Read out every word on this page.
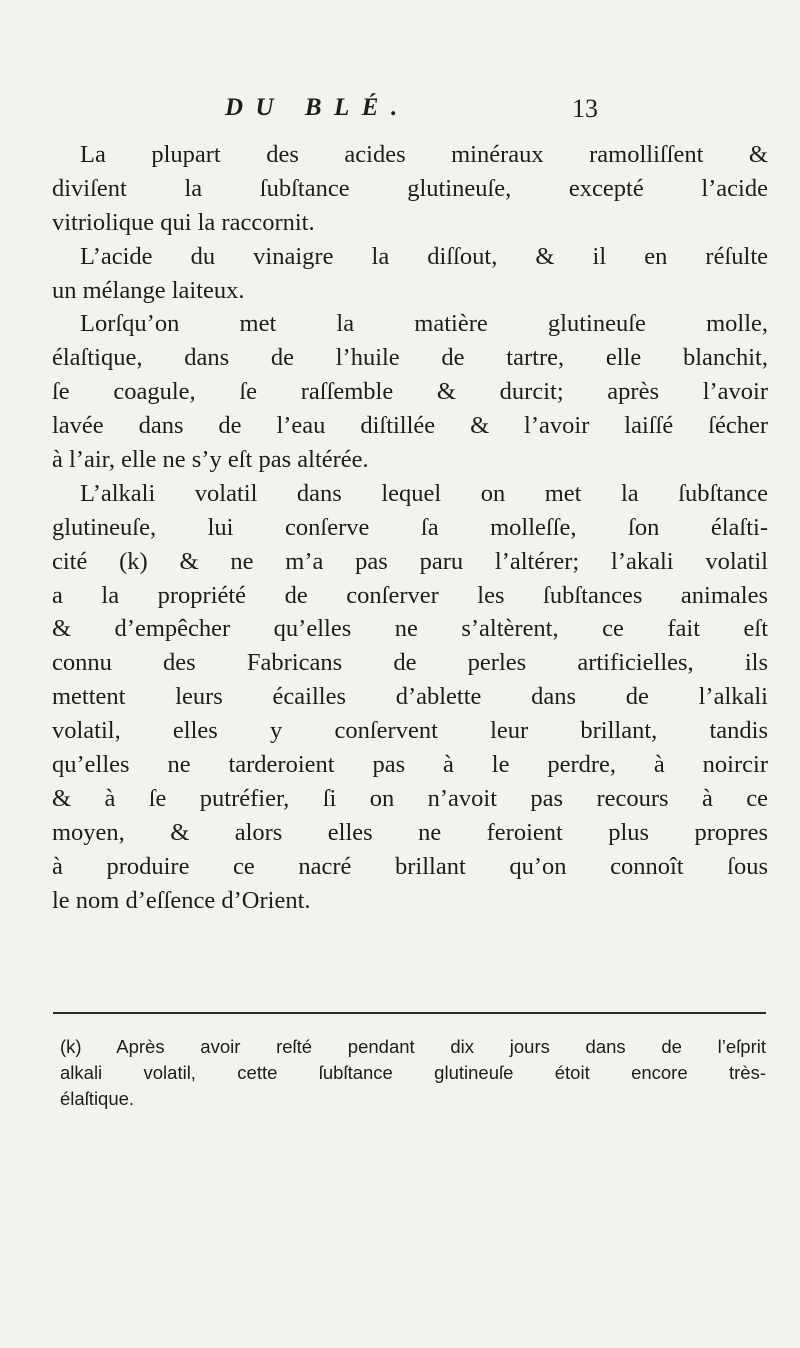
DU BLÉ.	13
La plupart des acides minéraux ramolliſſent &
diviſent la ſubſtance glutineuſe, excepté l’acide
vitriolique qui la raccornit.
L’acide du vinaigre la diſſout, & il en réſulte
un mélange laiteux.
Lorſqu’on met la matière glutineuſe molle,
élaſtique, dans de l’huile de tartre, elle blanchit,
ſe coagule, ſe raſſemble & durcit; après l’avoir
lavée dans de l’eau diſtillée & l’avoir laiſſé ſécher
à l’air, elle ne s’y eſt pas altérée.
L’alkali volatil dans lequel on met la ſubſtance
glutineuſe, lui conſerve ſa molleſſe, ſon élaſti-
cité (k) & ne m’a pas paru l’altérer; l’akali volatil
a la propriété de conſerver les ſubſtances animales
& d’empêcher qu’elles ne s’altèrent, ce fait eſt
connu des Fabricans de perles artificielles, ils
mettent leurs écailles d’ablette dans de l’alkali
volatil, elles y conſervent leur brillant, tandis
qu’elles ne tarderoient pas à le perdre, à noircir
& à ſe putréfier, ſi on n’avoit pas recours à ce
moyen, & alors elles ne feroient plus propres
à produire ce nacré brillant qu’on connoît ſous
le nom d’eſſence d’Orient.
(k) Après avoir reſté pendant dix jours dans de l’eſprit
alkali volatil, cette ſubſtance glutineuſe étoit encore très-
élaſtique.
